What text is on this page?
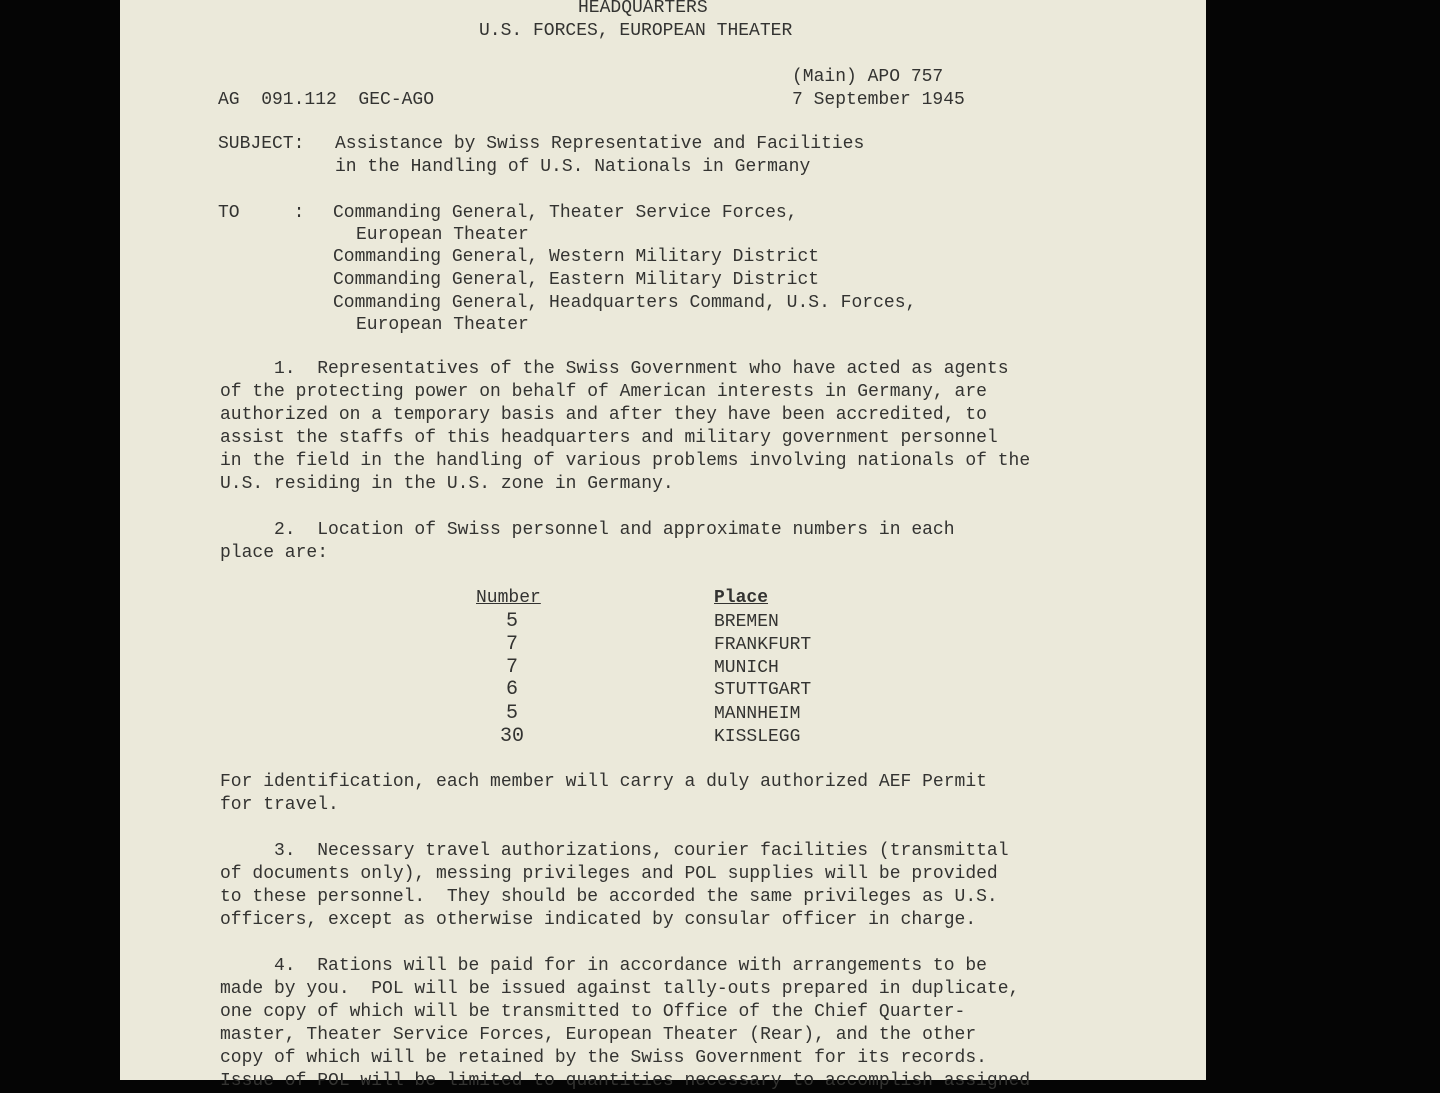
HEADQUARTERS
U.S. FORCES, EUROPEAN THEATER
(Main) APO 757
7 September 1945
AG  091.112  GEC-AGO
SUBJECT: Assistance by Swiss Representative and Facilities
in the Handling of U.S. Nationals in Germany
TO     : Commanding General, Theater Service Forces,
European Theater
Commanding General, Western Military District
Commanding General, Eastern Military District
Commanding General, Headquarters Command, U.S. Forces,
European Theater
1.  Representatives of the Swiss Government who have acted as agents
of the protecting power on behalf of American interests in Germany, are
authorized on a temporary basis and after they have been accredited, to
assist the staffs of this headquarters and military government personnel
in the field in the handling of various problems involving nationals of the
U.S. residing in the U.S. zone in Germany.
2.  Location of Swiss personnel and approximate numbers in each
place are:
Number	Place
5	BREMEN
7	FRANKFURT
7	MUNICH
6	STUTTGART
5	MANNHEIM
30	KISSLEGG
For identification, each member will carry a duly authorized AEF Permit
for travel.
3.  Necessary travel authorizations, courier facilities (transmittal
of documents only), messing privileges and POL supplies will be provided
to these personnel.  They should be accorded the same privileges as U.S.
officers, except as otherwise indicated by consular officer in charge.
4.  Rations will be paid for in accordance with arrangements to be
made by you.  POL will be issued against tally-outs prepared in duplicate,
one copy of which will be transmitted to Office of the Chief Quarter-
master, Theater Service Forces, European Theater (Rear), and the other
copy of which will be retained by the Swiss Government for its records.
Issue of POL will be limited to quantities necessary to accomplish assigned
